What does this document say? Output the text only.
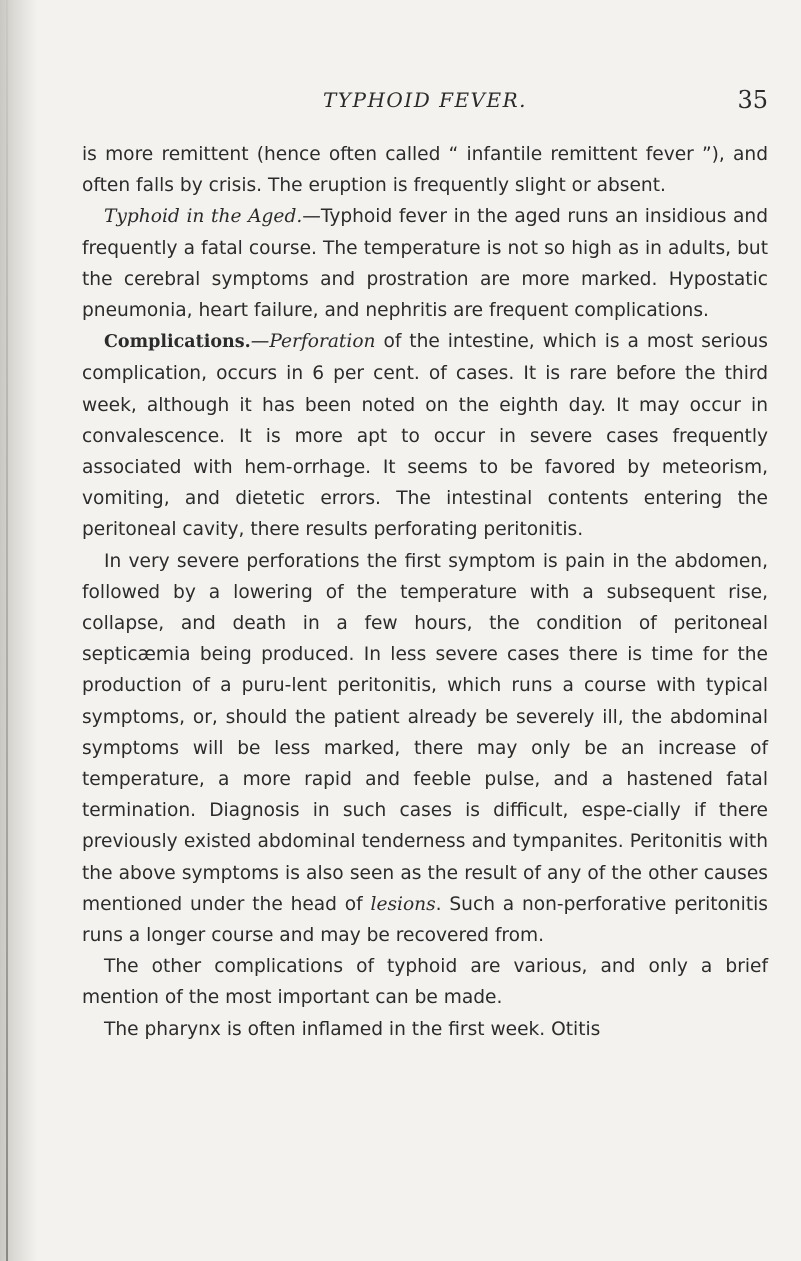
TYPHOID FEVER.	35

is more remittent (hence often called “ infantile remittent fever ”), and often falls by crisis. The eruption is frequently slight or absent.

Typhoid in the Aged.—Typhoid fever in the aged runs an insidious and frequently a fatal course. The temperature is not so high as in adults, but the cerebral symptoms and prostration are more marked. Hypostatic pneumonia, heart failure, and nephritis are frequent complications.

Complications.—Perforation of the intestine, which is a most serious complication, occurs in 6 per cent. of cases. It is rare before the third week, although it has been noted on the eighth day. It may occur in convalescence. It is more apt to occur in severe cases frequently associated with hem-orrhage. It seems to be favored by meteorism, vomiting, and dietetic errors. The intestinal contents entering the peritoneal cavity, there results perforating peritonitis.

In very severe perforations the first symptom is pain in the abdomen, followed by a lowering of the temperature with a subsequent rise, collapse, and death in a few hours, the condition of peritoneal septicæmia being produced. In less severe cases there is time for the production of a puru-lent peritonitis, which runs a course with typical symptoms, or, should the patient already be severely ill, the abdominal symptoms will be less marked, there may only be an increase of temperature, a more rapid and feeble pulse, and a hastened fatal termination. Diagnosis in such cases is difficult, espe-cially if there previously existed abdominal tenderness and tympanites. Peritonitis with the above symptoms is also seen as the result of any of the other causes mentioned under the head of lesions. Such a non-perforative peritonitis runs a longer course and may be recovered from.

The other complications of typhoid are various, and only a brief mention of the most important can be made.

The pharynx is often inflamed in the first week. Otitis
